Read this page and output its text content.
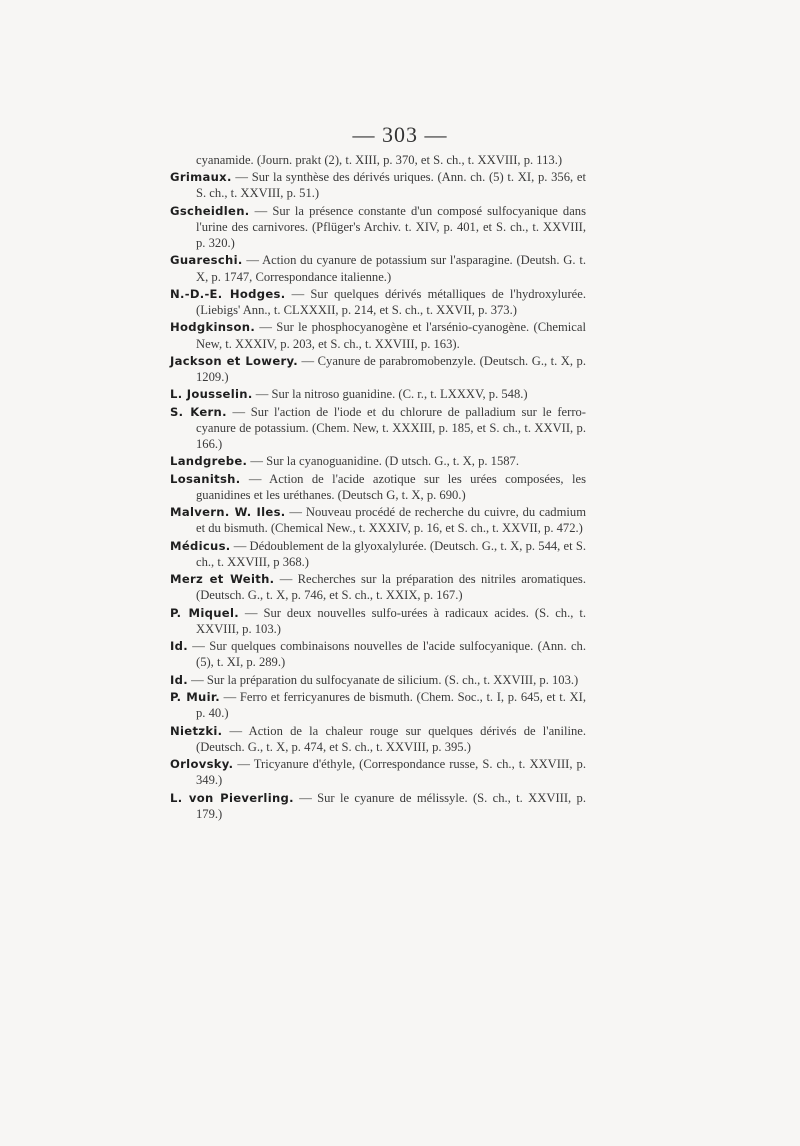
— 303 —
cyanamide. (Journ. prakt (2), t. XIII, p. 370, et S. ch., t. XXVIII, p. 113.)
Grimaux. — Sur la synthèse des dérivés uriques. (Ann. ch. (5) t. XI, p. 356, et S. ch., t. XXVIII, p. 51.)
Gscheidlen. — Sur la présence constante d'un composé sulfocyanique dans l'urine des carnivores. (Pflüger's Archiv. t. XIV, p. 401, et S. ch., t. XXVIII, p. 320.)
Guareschi. — Action du cyanure de potassium sur l'asparagine. (Deutsh. G. t. X, p. 1747, Correspondance italienne.)
N.-D.-E. Hodges. — Sur quelques dérivés métalliques de l'hydroxylurée. (Liebigs' Ann., t. CLXXXII, p. 214, et S. ch., t. XXVII, p. 373.)
Hodgkinson. — Sur le phosphocyanogène et l'arsénio-cyanogène. (Chemical New, t. XXXIV, p. 203, et S. ch., t. XXVIII, p. 163).
Jackson et Lowery. — Cyanure de parabromobenzyle. (Deutsch. G., t. X, p. 1209.)
L. Jousselin. — Sur la nitroso guanidine. (C. r., t. LXXXV, p. 548.)
S. Kern. — Sur l'action de l'iode et du chlorure de palladium sur le ferro-cyanure de potassium. (Chem. New, t. XXXIII, p. 185, et S. ch., t. XXVII, p. 166.)
Landgrebe. — Sur la cyanoguanidine. (D utsch. G., t. X, p. 1587.
Losanitsh. — Action de l'acide azotique sur les urées composées, les guanidines et les uréthanes. (Deutsch G, t. X, p. 690.)
Malvern. W. Iles. — Nouveau procédé de recherche du cuivre, du cadmium et du bismuth. (Chemical New., t. XXXIV, p. 16, et S. ch., t. XXVII, p. 472.)
Médicus. — Dédoublement de la glyoxalylurée. (Deutsch. G., t. X, p. 544, et S. ch., t. XXVIII, p 368.)
Merz et Weith. — Recherches sur la préparation des nitriles aromatiques. (Deutsch. G., t. X, p. 746, et S. ch., t. XXIX, p. 167.)
P. Miquel. — Sur deux nouvelles sulfo-urées à radicaux acides. (S. ch., t. XXVIII, p. 103.)
Id. — Sur quelques combinaisons nouvelles de l'acide sulfocyanique. (Ann. ch. (5), t. XI, p. 289.)
Id. — Sur la préparation du sulfocyanate de silicium. (S. ch., t. XXVIII, p. 103.)
P. Muir. — Ferro et ferricyanures de bismuth. (Chem. Soc., t. I, p. 645, et t. XI, p. 40.)
Nietzki. — Action de la chaleur rouge sur quelques dérivés de l'aniline. (Deutsch. G., t. X, p. 474, et S. ch., t. XXVIII, p. 395.)
Orlovsky. — Tricyanure d'éthyle, (Correspondance russe, S. ch., t. XXVIII, p. 349.)
L. von Pieverling. — Sur le cyanure de mélissyle. (S. ch., t. XXVIII, p. 179.)
